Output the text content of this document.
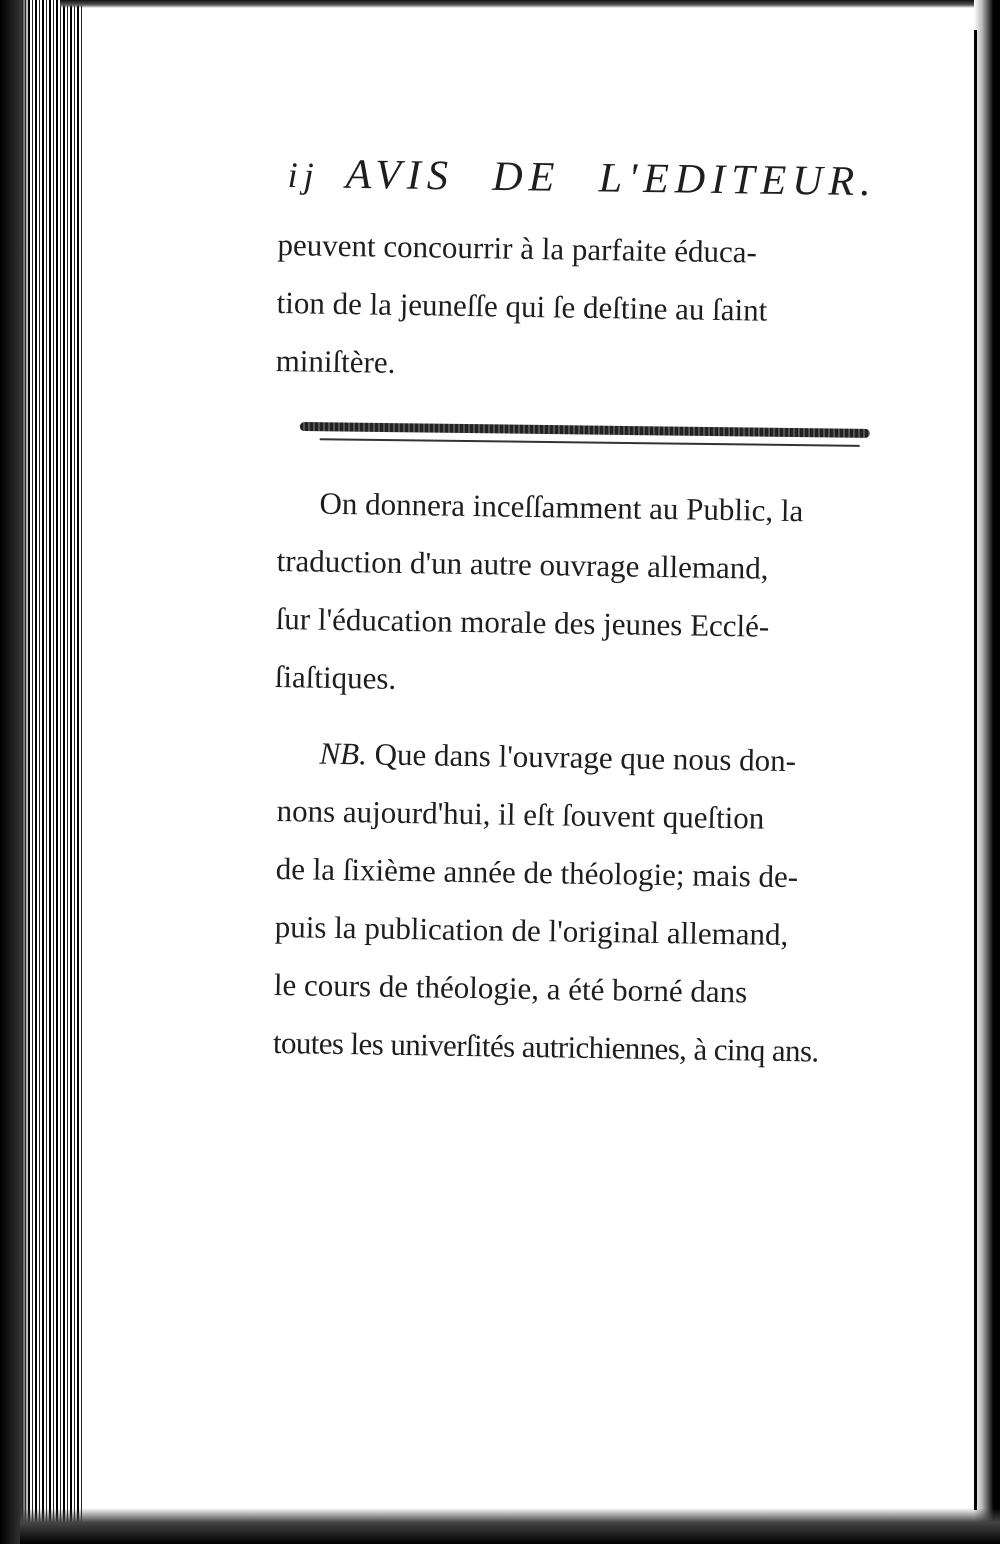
ij AVIS DE L'EDITEUR.

peuvent concourrir à la parfaite éduca-
tion de la jeuneſſe qui ſe deſtine au ſaint
miniſtère.

On donnera inceſſamment au Public, la
traduction d'un autre ouvrage allemand,
ſur l'éducation morale des jeunes Ecclé-
ſiaſtiques.

NB. Que dans l'ouvrage que nous don-
nons aujourd'hui, il eſt ſouvent queſtion
de la ſixième année de théologie; mais de-
puis la publication de l'original allemand,
le cours de théologie, a été borné dans
toutes les univerſités autrichiennes, à cinq ans.
